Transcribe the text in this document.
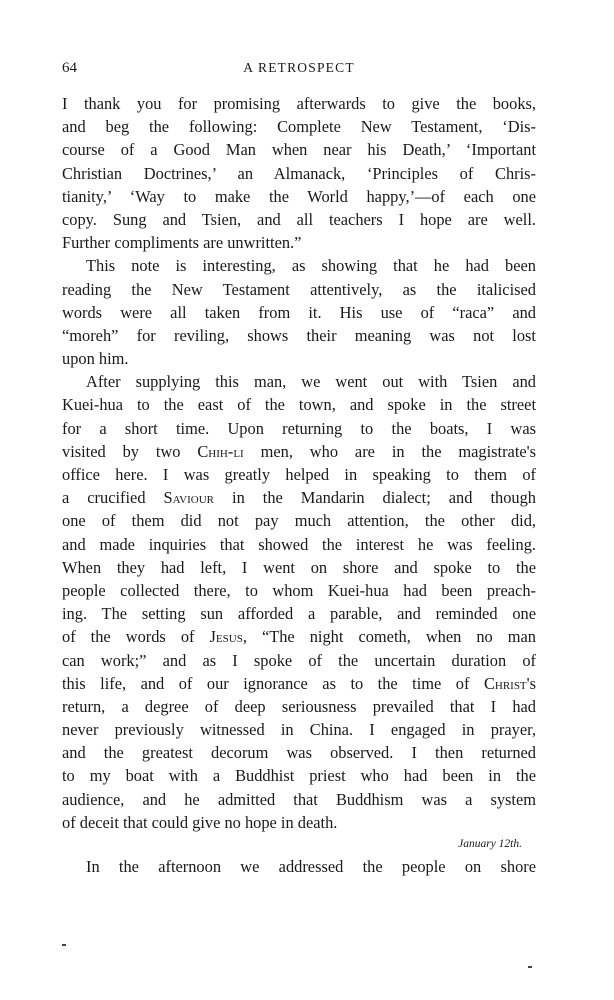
64	A RETROSPECT
I thank you for promising afterwards to give the books,
and beg the following: Complete New Testament, ‘Dis-
course of a Good Man when near his Death,’ ‘Important
Christian Doctrines,’ an Almanack, ‘Principles of Chris-
tianity,’ ‘Way to make the World happy,’—of each one
copy. Sung and Tsien, and all teachers I hope are well.
Further compliments are unwritten.”
This note is interesting, as showing that he had been
reading the New Testament attentively, as the italicised
words were all taken from it. His use of “raca” and
“moreh” for reviling, shows their meaning was not lost
upon him.
After supplying this man, we went out with Tsien and
Kuei-hua to the east of the town, and spoke in the street
for a short time. Upon returning to the boats, I was
visited by two Chih-li men, who are in the magistrate's
office here. I was greatly helped in speaking to them of
a crucified Saviour in the Mandarin dialect; and though
one of them did not pay much attention, the other did,
and made inquiries that showed the interest he was feeling.
When they had left, I went on shore and spoke to the
people collected there, to whom Kuei-hua had been preach-
ing. The setting sun afforded a parable, and reminded one
of the words of Jesus, “The night cometh, when no man
can work;” and as I spoke of the uncertain duration of
this life, and of our ignorance as to the time of Christ's
return, a degree of deep seriousness prevailed that I had
never previously witnessed in China. I engaged in prayer,
and the greatest decorum was observed. I then returned
to my boat with a Buddhist priest who had been in the
audience, and he admitted that Buddhism was a system
of deceit that could give no hope in death.
January 12th.
In the afternoon we addressed the people on shore
